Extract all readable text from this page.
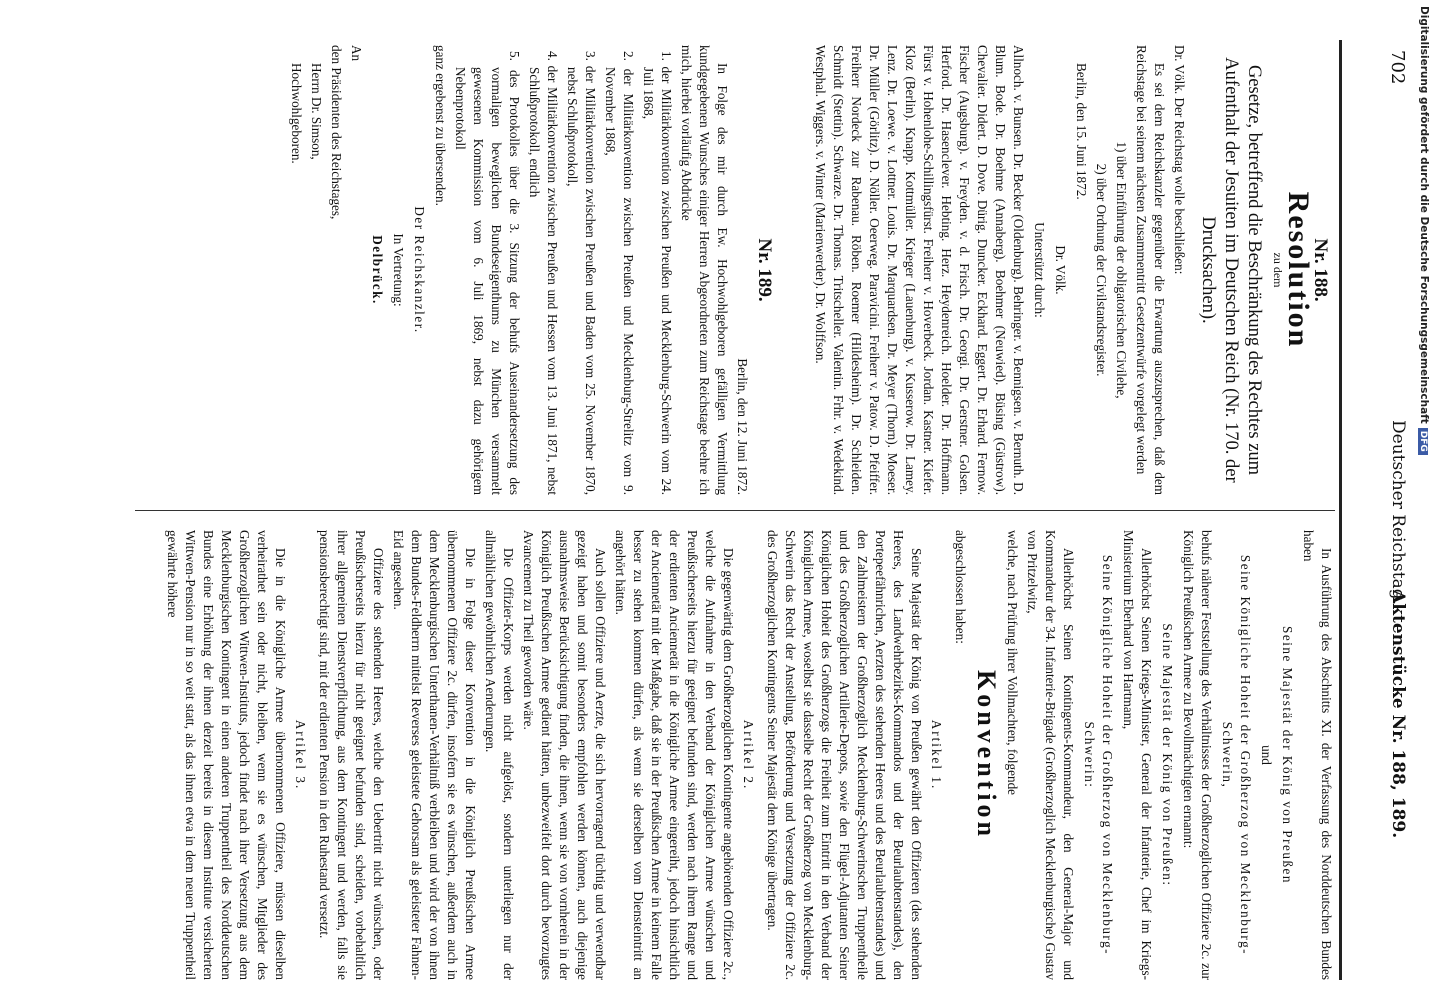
702
Deutscher Reichstag.
Aktenstücke Nr. 188, 189.
Nr. 188.
Resolution
zu dem
Gesetze, betreffend die Beschränkung des Rechtes zum Aufenthalt der Jesuiten im Deutschen Reich (Nr. 170. der Drucksachen).

Dr. Völk. Der Reichstag wolle beschließen:

Es sei dem Reichskanzler gegenüber die Erwartung auszusprechen, daß dem Reichstage bei seinem nächsten Zusammentritt Gesetzentwürfe vorgelegt werden

1) über Einführung der obligatorischen Civilehe,

2) über Ordnung der Civilstandsregister.

Berlin, den 15. Juni 1872.

Dr. Völk.
Unterstützt durch:

Allnoch. v. Bunsen. Dr. Becker (Oldenburg). Behringer. v. Bennigsen. v. Bernuth. D. Blum. Bode. Dr. Boehme (Annaberg). Boehmer (Neuwied). Büsing (Güstrow). Chevalier. Didert. D. Dove. Dürig. Duncker. Eckhard. Eggert. Dr. Erhard. Fernow. Fischer (Augsburg). v. Freyden. v. d. Frisch. Dr. Georgi. Dr. Gerstner. Golsen. Herford. Dr. Hasenclever. Hebting. Herz. Heydenreich. Hoelder. Dr. Hoffmann. Fürst v. Hohenlohe-Schillingsfürst. Freiherr v. Hoverbeck. Jordan. Kastner. Kiefer. Kloz (Berlin). Knapp. Kottmüller. Krieger (Lauenburg). v. Kusserow. Dr. Lamey. Lenz. Dr. Loewe. v. Lottner. Louis. Dr. Marquardsen. Dr. Meyer (Thorn). Moeser. Dr. Müller (Görlitz). D. Nöller. Oeerweg. Paravicini. Freiherr v. Patow. D. Pfeiffer. Freiherr Nordeck zur Rabenau. Röben. Roemer (Hildesheim). Dr. Schleiden. Schmidt (Stettin). Schwarze. Dr. Thomas. Tritscheller. Valentin. Frhr. v. Wedekind. Westphal. Wiggers. v. Winter (Marienwerder). Dr. Wolffson.

Nr. 189.

Berlin, den 12. Juni 1872.

In Folge des mir durch Ew. Hochwohlgeboren gefälligen Vermittlung kundgegebenen Wunsches einiger Herren Abgeordneten zum Reichstage beehre ich mich, hierbei vorläufig Abdrücke

1. der Militärkonvention zwischen Preußen und Mecklenburg-Schwerin vom 24. Juli 1868,

2. der Militärkonvention zwischen Preußen und Mecklenburg-Strelitz vom 9. November 1868,

3. der Militärkonvention zwischen Preußen und Baden vom 25. November 1870, nebst Schlußprotokoll,

4. der Militärkonvention zwischen Preußen und Hessen vom 13. Juni 1871, nebst Schlußprotokoll, endlich

5. des Protokolles über die 3. Sitzung der behufs Auseinandersetzung des vormaligen beweglichen Bundeseigenthums zu München versammelt gewesenen Kommission vom 6. Juli 1869, nebst dazu gehörigem Nebenprotokoll

ganz ergebenst zu übersenden.

Der Reichskanzler.
In Vertretung:
Delbrück.

An

den Präsidenten des Reichstages,

Herrn Dr. Simson,

Hochwohlgeboren.

In Ausführung des Abschnitts XI. der Verfassung des Norddeutschen Bundes haben

Seine Majestät der König von Preußen
und
Seine Königliche Hoheit der Großherzog von Mecklenburg-Schwerin,

behufs näherer Feststellung des Verhältnisses der Großherzoglichen Offiziere 2c. zur Königlich Preußischen Armee zu Bevollmächtigten ernannt:

Seine Majestät der König von Preußen:

Allerhöchst Seinen Kriegs-Minister, General der Infanterie, Chef im Kriegs-Ministerium Eberhard von Hartmann,

Seine Königliche Hoheit der Großherzog von Mecklenburg-Schwerin:

Allerhöchst Seinen Kontingents-Kommandeur, den General-Major und Kommandeur der 34. Infanterie-Brigade (Großherzoglich Mecklenburgische) Gustav von Pritzelwitz,

welche, nach Prüfung ihrer Vollmachten, folgende

Konvention

abgeschlossen haben:

Artikel 1.

Seine Majestät der König von Preußen gewährt den Offizieren (des stehenden Heeres, des Landwehrbezirks-Kommandos und der Beurlaubtenstandes), den Portepeefähnrichen, Aerzten des stehenden Heeres und des Beurlaubtenstandes) und den Zahlmeistern der Großherzoglich Mecklenburg-Schwerinschen Truppentheile und des Großherzoglichen Artillerie-Depots, sowie den Flügel-Adjutanten Seiner Königlichen Hoheit des Großherzogs die Freiheit zum Eintritt in den Verband der Königlichen Armee, woselbst sie dasselbe Recht der Großherzog von Mecklenburg-Schwerin das Recht der Anstellung, Beförderung und Versetzung der Offiziere 2c. des Großherzoglichen Kontingents Seiner Majestät dem Könige übertragen.

Artikel 2.

Die gegenwärtig dem Großherzoglichen Kontingente angehörenden Offiziere 2c., welche die Aufnahme in den Verband der Königlichen Armee wünschen und Preußischerseits hierzu für geeignet befunden sind, werden nach ihrem Range und der erdienten Anciennetät in die Königliche Armee eingereiht, jedoch hinsichtlich der Anciennetät mit der Maßgabe, daß sie in der Preußischen Armee in keinem Falle besser zu stehen kommen dürfen, als wenn sie derselben vom Diensteintritt an angehört hätten.

Auch sollen Offiziere und Aerzte, die sich hervorragend tüchtig und verwendbar gezeigt haben und somit besonders empfohlen werden können, auch diejenige ausnahmsweise Berücksichtigung finden, die ihnen, wenn sie von vornherein in der Königlich Preußischen Armee gedient hätten, unbezweifelt dort durch bevorzugtes Avancement zu Theil geworden wäre.

Die Offizier-Korps werden nicht aufgelöst, sondern unterliegen nur der allmählichen gewöhnlichen Aenderungen.

Die in Folge dieser Konvention in die Königlich Preußischen Armee übernommenen Offiziere 2c. dürfen, insofern sie es wünschen, außerdem auch in dem Mecklenburgischen Unterthanen-Verhältniß verbleiben und wird der von ihnen dem Bundes-Feldherrn mittelst Reverses geleistete Gehorsam als geleisteter Fahnen-Eid angesehen.

Offiziere des stehenden Heeres, welche den Uebertritt nicht wünschen, oder Preußischerseits hierzu für nicht geeignet befunden sind, scheiden, vorbehaltlich ihrer allgemeinen Dienstverpflichtung, aus dem Kontingent und werden, falls sie pensionsberechtigt sind, mit der erdienten Pension in den Ruhestand versetzt.

Artikel 3.

Die in die Königliche Armee übernommenen Offiziere, müssen dieselben verheirathet sein oder nicht, bleiben, wenn sie es wünschen, Mitglieder des Großherzoglichen Wittwen-Instituts, jedoch findet nach ihrer Versetzung aus dem Mecklenburgischen Kontingent in einen anderen Truppentheil des Norddeutschen Bundes eine Erhöhung der ihnen derzeit bereits in diesem Institute versicherten Wittwen-Pension nur in so weit statt, als das ihnen etwa in dem neuen Truppentheil gewährte höhere

Digitalisierung gefördert durch die Deutsche ForschungsgemeinschaftDFG
